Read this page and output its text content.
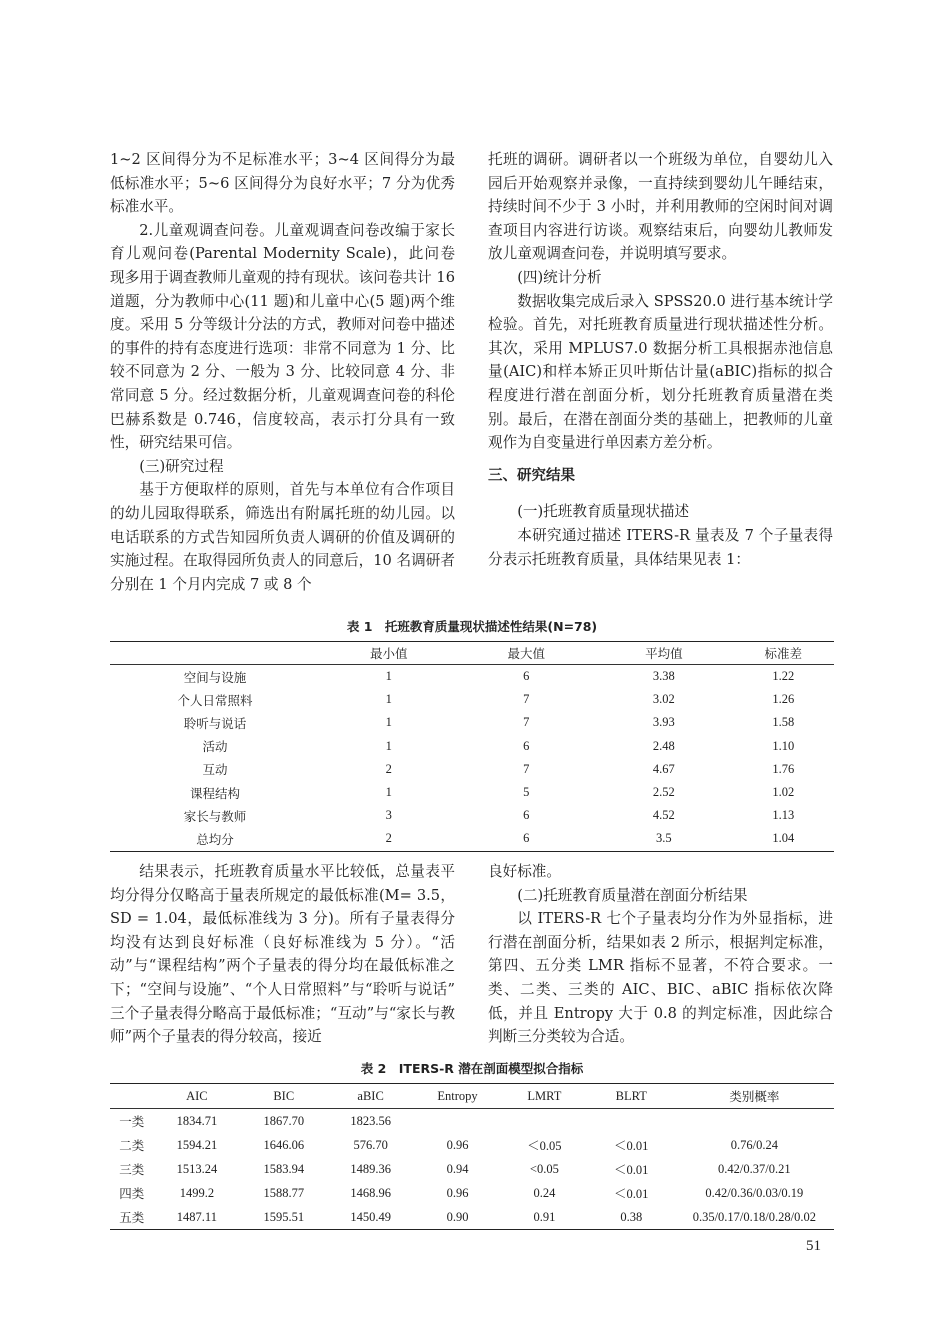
1~2 区间得分为不足标准水平；3~4 区间得分为最低标准水平；5~6 区间得分为良好水平；7 分为优秀标准水平。

2.儿童观调查问卷。儿童观调查问卷改编于家长育儿观问卷(Parental Modernity Scale)，此问卷现多用于调查教师儿童观的持有现状。该问卷共计 16 道题，分为教师中心(11 题)和儿童中心(5 题)两个维度。采用 5 分等级计分法的方式，教师对问卷中描述的事件的持有态度进行选项：非常不同意为 1 分、比较不同意为 2 分、一般为 3 分、比较同意 4 分、非常同意 5 分。经过数据分析，儿童观调查问卷的科伦巴赫系数是 0.746，信度较高，表示打分具有一致性，研究结果可信。

(三)研究过程

基于方便取样的原则，首先与本单位有合作项目的幼儿园取得联系，筛选出有附属托班的幼儿园。以电话联系的方式告知园所负责人调研的价值及调研的实施过程。在取得园所负责人的同意后，10 名调研者分别在 1 个月内完成 7 或 8 个

托班的调研。调研者以一个班级为单位，自婴幼儿入园后开始观察并录像，一直持续到婴幼儿午睡结束，持续时间不少于 3 小时，并利用教师的空闲时间对调查项目内容进行访谈。观察结束后，向婴幼儿教师发放儿童观调查问卷，并说明填写要求。

(四)统计分析

数据收集完成后录入 SPSS20.0 进行基本统计学检验。首先，对托班教育质量进行现状描述性分析。其次，采用 MPLUS7.0 数据分析工具根据赤池信息量(AIC)和样本矫正贝叶斯估计量(aBIC)指标的拟合程度进行潜在剖面分析，划分托班教育质量潜在类别。最后，在潜在剖面分类的基础上，把教师的儿童观作为自变量进行单因素方差分析。

三、研究结果

(一)托班教育质量现状描述

本研究通过描述 ITERS-R 量表及 7 个子量表得分表示托班教育质量，具体结果见表 1：

表 1　托班教育质量现状描述性结果(N=78)
	最小值	最大值	平均值	标准差
空间与设施	1	6	3.38	1.22
个人日常照料	1	7	3.02	1.26
聆听与说话	1	7	3.93	1.58
活动	1	6	2.48	1.10
互动	2	7	4.67	1.76
课程结构	1	5	2.52	1.02
家长与教师	3	6	4.52	1.13
总均分	2	6	3.5	1.04

结果表示，托班教育质量水平比较低，总量表平均分得分仅略高于量表所规定的最低标准(M= 3.5，SD = 1.04，最低标准线为 3 分)。所有子量表得分均没有达到良好标准（良好标准线为 5 分）。“活动”与“课程结构”两个子量表的得分均在最低标准之下；“空间与设施”、“个人日常照料”与“聆听与说话” 三个子量表得分略高于最低标准；“互动”与“家长与教师”两个子量表的得分较高，接近

良好标准。

(二)托班教育质量潜在剖面分析结果

以 ITERS-R 七个子量表均分作为外显指标，进行潜在剖面分析，结果如表 2 所示，根据判定标准，第四、五分类 LMR 指标不显著，不符合要求。一类、二类、三类的 AIC、BIC、aBIC 指标依次降低，并且 Entropy 大于 0.8 的判定标准，因此综合判断三分类较为合适。

表 2　ITERS-R 潜在剖面模型拟合指标
	AIC	BIC	aBIC	Entropy	LMRT	BLRT	类别概率
一类	1834.71	1867.70	1823.56				
二类	1594.21	1646.06	576.70	0.96	＜0.05	＜0.01	0.76/0.24
三类	1513.24	1583.94	1489.36	0.94	<0.05	＜0.01	0.42/0.37/0.21
四类	1499.2	1588.77	1468.96	0.96	0.24	＜0.01	0.42/0.36/0.03/0.19
五类	1487.11	1595.51	1450.49	0.90	0.91	0.38	0.35/0.17/0.18/0.28/0.02
51
